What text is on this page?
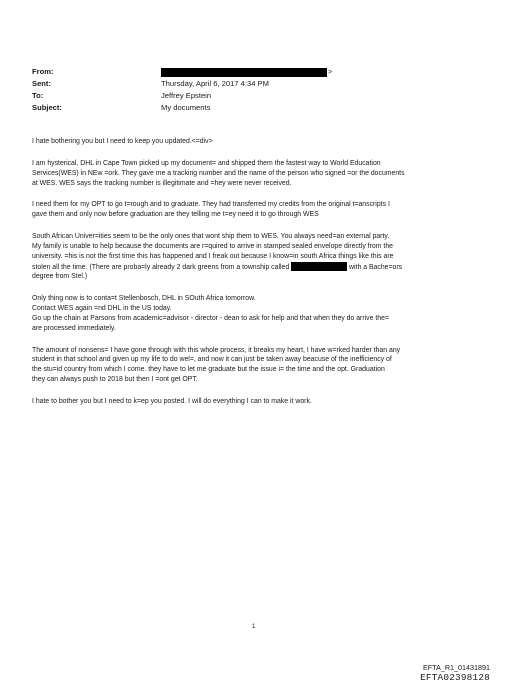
From:	>
Sent:	Thursday, April 6, 2017 4:34 PM
To:	Jeffrey Epstein
Subject:	My documents

I hate bothering you but I need to keep you updated.<=div>

I am hysterical, DHL in Cape Town picked up my document= and shipped them the fastest way to World Education
Services(WES) in NEw =ork. They gave me a tracking number and the name of the person who signed =or the documents
at WES. WES says the tracking number is illegitimate and =hey were never received.

I need them for my OPT to go t=rough and to graduate. They had transferred my credits from the original t=anscripts I
gave them and only now before graduation are they telling me t=ey need it to go through WES

South African Univer=ities seem to be the only ones that wont ship them to WES. You always need=an external party.
My family is unable to help because the documents are r=quired to arrive in stamped sealed envelope directly from the
university. =his is not the first time this has happened and I freak out because I know=in south Africa things like this are
stolen all the time. (There are proba=ly already 2 dark greens from a township called	with a Bache=ors
degree from Stel.)

Only thing now is to conta=t Stellenbosch, DHL in SOuth Africa tomorrow.
Contact WES again =nd DHL in the US today.
Go up the chain at Parsons from academic=advisor - director - dean to ask for help and that when they do arrive the=
are processed immediately.

The amount of nonsens= I have gone through with this whole process, it breaks my heart, I have w=rked harder than any
student in that school and given up my life to do wel=, and now it can just be taken away beacuse of the inefficiency of
the stu=id country from which I come. they have to let me graduate but the issue i= the time and the opt. Graduation
they can always push to 2018 but then I =ont get OPT.

I hate to bother you but I need to k=ep you posted. I will do everything I can to make it work.

1
EFTA_R1_01431891
EFTA02398128
